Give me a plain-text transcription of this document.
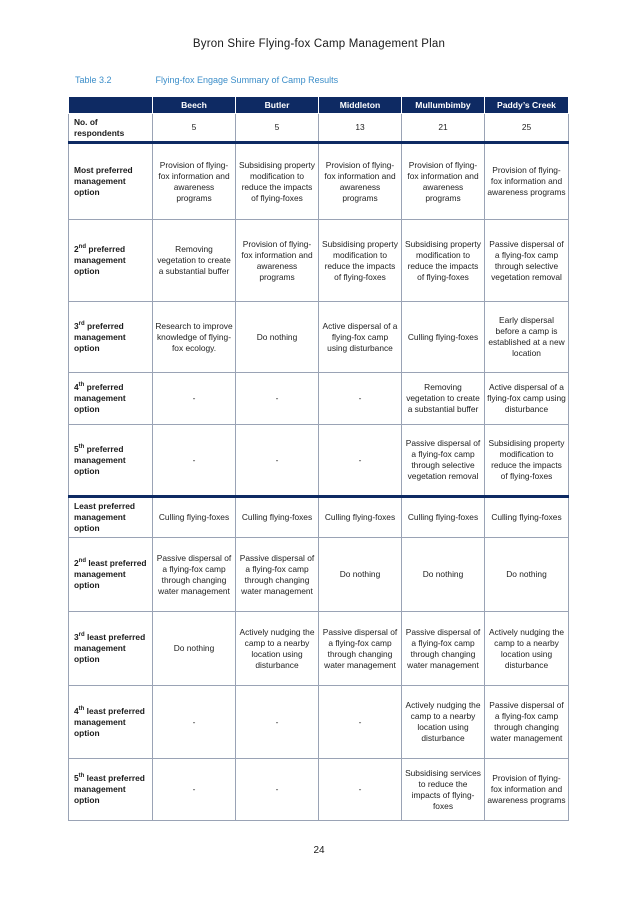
Byron Shire Flying-fox Camp Management Plan
Table 3.2	Flying-fox Engage Summary of Camp Results
	Beech	Butler	Middleton	Mullumbimby	Paddy’s Creek
No. of respondents	5	5	13	21	25
Most preferred management option	Provision of flying-fox information and awareness programs	Subsidising property modification to reduce the impacts of flying-foxes	Provision of flying-fox information and awareness programs	Provision of flying-fox information and awareness programs	Provision of flying-fox information and awareness programs
2nd preferred management option	Removing vegetation to create a substantial buffer	Provision of flying-fox information and awareness programs	Subsidising property modification to reduce the impacts of flying-foxes	Subsidising property modification to reduce the impacts of flying-foxes	Passive dispersal of a flying-fox camp through selective vegetation removal
3rd preferred management option	Research to improve knowledge of flying-fox ecology.	Do nothing	Active dispersal of a flying-fox camp using disturbance	Culling flying-foxes	Early dispersal before a camp is established at a new location
4th preferred management option	-	-	-	Removing vegetation to create a substantial buffer	Active dispersal of a flying-fox camp using disturbance
5th preferred management option	-	-	-	Passive dispersal of a flying-fox camp through selective vegetation removal	Subsidising property modification to reduce the impacts of flying-foxes
Least preferred management option	Culling flying-foxes	Culling flying-foxes	Culling flying-foxes	Culling flying-foxes	Culling flying-foxes
2nd least preferred management option	Passive dispersal of a flying-fox camp through changing water management	Passive dispersal of a flying-fox camp through changing water management	Do nothing	Do nothing	Do nothing
3rd least preferred management option	Do nothing	Actively nudging the camp to a nearby location using disturbance	Passive dispersal of a flying-fox camp through changing water management	Passive dispersal of a flying-fox camp through changing water management	Actively nudging the camp to a nearby location using disturbance
4th least preferred management option	-	-	-	Actively nudging the camp to a nearby location using disturbance	Passive dispersal of a flying-fox camp through changing water management
5th least preferred management option	-	-	-	Subsidising services to reduce the impacts of flying-foxes	Provision of flying-fox information and awareness programs
24
